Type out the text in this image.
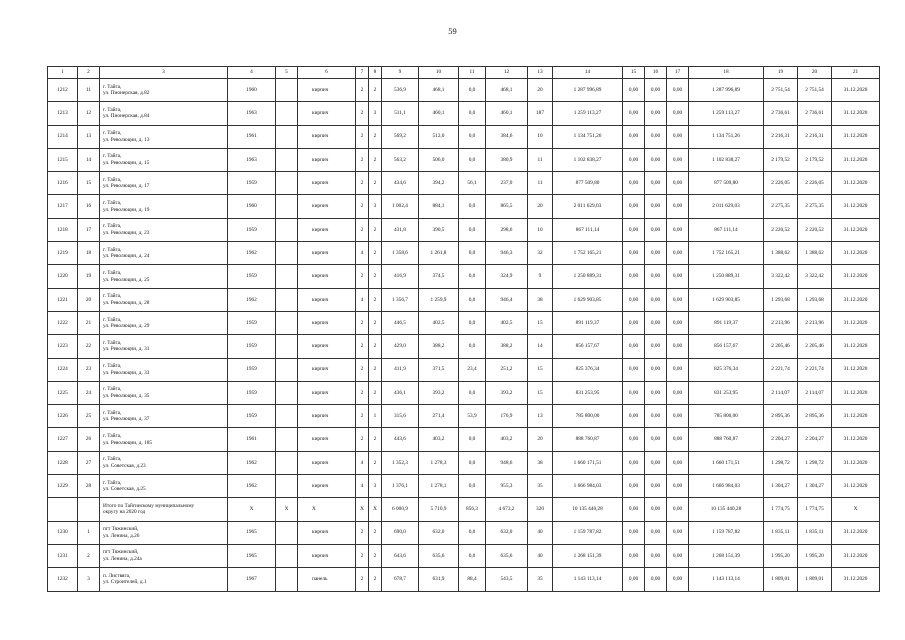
59
1	2	3	4	5	6	7	8	9	10	11	12	13	14	15	16	17	18	19	20	21
1212	11	г. Тайга,
ул. Пионерская, д.82	1960		кирпич	2	2	536,9	468,1	0,0	468,1	20	1 287 996,89	0,00	0,00	0,00	1 287 996,89	2 751,54	2 751,54	31.12.2020
1213	12	г. Тайга,
ул. Пионерская, д.84	1963		кирпич	2	3	511,1	460,1	0,0	460,1	187	1 259 113,27	0,00	0,00	0,00	1 259 113,27	2 736,61	2 736,61	31.12.2020
1214	13	г. Тайга,
ул. Революции, д. 13	1961		кирпич	2	2	569,2	512,0	0,0	384,6	10	1 134 751,26	0,00	0,00	0,00	1 134 751,26	2 216,31	2 216,31	31.12.2020
1215	14	г. Тайга,
ул. Революции, д. 15	1963		кирпич	2	2	563,2	506,0	0,0	380,9	11	1 102 838,27	0,00	0,00	0,00	1 102 838,27	2 179,52	2 179,52	31.12.2020
1216	15	г. Тайга,
ул. Революции, д. 17	1959		кирпич	2	2	434,6	394,2	56,1	237,0	11	877 509,80	0,00	0,00	0,00	877 509,80	2 226,05	2 226,05	31.12.2020
1217	16	г. Тайга,
ул. Революции, д. 19	1960		кирпич	2	3	1 002,4	884,1	0,0	865,5	20	2 011 629,03	0,00	0,00	0,00	2 011 629,03	2 275,35	2 275,35	31.12.2020
1218	17	г. Тайга,
ул. Революции, д. 23	1959		кирпич	2	2	431,8	390,5	0,0	298,6	10	867 111,14	0,00	0,00	0,00	867 111,14	2 220,52	2 220,52	31.12.2020
1219	18	г. Тайга,
ул. Революции, д. 24	1962		кирпич	4	2	1 358,6	1 261,8	0,0	946,3	32	1 752 165,21	0,00	0,00	0,00	1 752 165,21	1 388,62	1 388,62	31.12.2020
1220	19	г. Тайга,
ул. Революции, д. 25	1959		кирпич	2	2	416,9	374,5	0,0	324,9	9	1 250 889,31	0,00	0,00	0,00	1 250 889,31	3 322,42	3 322,42	31.12.2020
1221	20	г. Тайга,
ул. Революции, д. 28	1962		кирпич	4	2	1 356,7	1 259,9	0,0	946,4	38	1 629 903,85	0,00	0,00	0,00	1 629 903,85	1 293,68	1 293,68	31.12.2020
1222	21	г. Тайга,
ул. Революции, д. 29	1959		кирпич	2	2	446,5	402,5	0,0	402,5	15	891 119,37	0,00	0,00	0,00	891 119,37	2 213,96	2 213,96	31.12.2020
1223	22	г. Тайга,
ул. Революции, д. 31	1959		кирпич	2	2	429,0	388,2	0,0	388,2	14	856 157,67	0,00	0,00	0,00	856 157,67	2 205,46	2 205,46	31.12.2020
1224	23	г. Тайга,
ул. Революции, д. 33	1959		кирпич	2	2	411,9	371,5	23,4	251,2	15	825 376,34	0,00	0,00	0,00	825 376,34	2 221,74	2 221,74	31.12.2020
1225	24	г. Тайга,
ул. Революции, д. 35	1959		кирпич	2	2	436,1	393,2	0,0	393,2	15	831 253,95	0,00	0,00	0,00	831 253,95	2 114,07	2 114,07	31.12.2020
1226	25	г. Тайга,
ул. Революции, д. 37	1959		кирпич	2	1	315,6	271,4	53,9	176,9	13	785 800,00	0,00	0,00	0,00	785 800,00	2 895,36	2 895,36	31.12.2020
1227	26	г. Тайга,
ул. Революции, д. 185	1961		кирпич	2	2	443,6	403,2	0,0	403,2	20	888 760,87	0,00	0,00	0,00	888 760,87	2 204,27	2 204,27	31.12.2020
1228	27	г. Тайга,
ул. Советская, д.23	1962		кирпич	4	2	1 352,3	1 278,3	0,0	948,6	38	1 660 171,51	0,00	0,00	0,00	1 660 171,51	1 298,72	1 298,72	31.12.2020
1229	28	г. Тайга,
ул. Советская, д.25	1962		кирпич	4	3	1 376,1	1 278,1	0,0	955,3	35	1 666 984,03	0,00	0,00	0,00	1 666 984,03	1 304,27	1 304,27	31.12.2020
		Итого по Тайгинскому муниципальному
округу на 2020 год	X	X	X	X	X	6 000,9	5 710,9	856,3	4 673,2	320	10 135 440,28	0,00	0,00	0,00	10 135 440,28	1 774,75	1 774,75	X
1230	1	пгт Тяжинский,
ул. Ленина, д.26	1965		кирпич	2	2	690,0	632,0	0,0	632,0	40	1 159 787,82	0,00	0,00	0,00	1 159 787,82	1 835,11	1 835,11	31.12.2020
1231	2	пгт Тяжинский,
ул. Ленина, д.24а	1965		кирпич	2	2	643,6	635,6	0,0	635,6	40	1 268 151,39	0,00	0,00	0,00	1 268 151,39	1 995,20	1 995,20	31.12.2020
1232	3	п. Листвяга,
ул. Строителей, д.1	1967		панель	2	2	678,7	631,9	88,4	543,5	35	1 143 113,14	0,00	0,00	0,00	1 143 113,14	1 809,01	1 809,01	31.12.2020
